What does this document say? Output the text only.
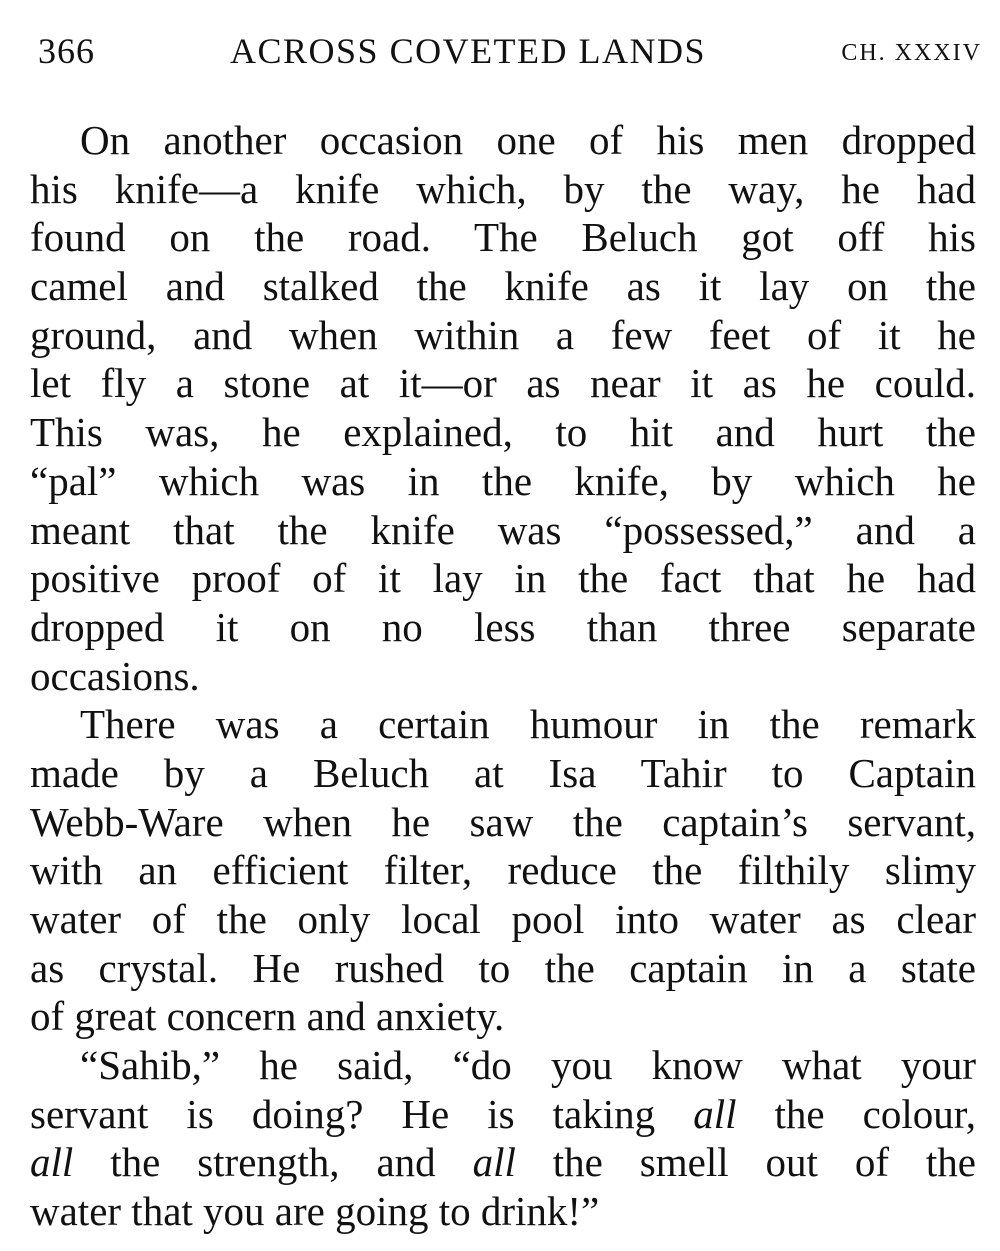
366	ACROSS COVETED LANDS	CH. XXXIV
On another occasion one of his men dropped
his knife—a knife which, by the way, he had
found on the road. The Beluch got off his
camel and stalked the knife as it lay on the
ground, and when within a few feet of it he
let fly a stone at it—or as near it as he could.
This was, he explained, to hit and hurt the
“pal” which was in the knife, by which he
meant that the knife was “possessed,” and a
positive proof of it lay in the fact that he had
dropped it on no less than three separate
occasions.
There was a certain humour in the remark
made by a Beluch at Isa Tahir to Captain
Webb-Ware when he saw the captain’s servant,
with an efficient filter, reduce the filthily slimy
water of the only local pool into water as clear
as crystal. He rushed to the captain in a state
of great concern and anxiety.
“Sahib,” he said, “do you know what your
servant is doing? He is taking all the colour,
all the strength, and all the smell out of the
water that you are going to drink!”
